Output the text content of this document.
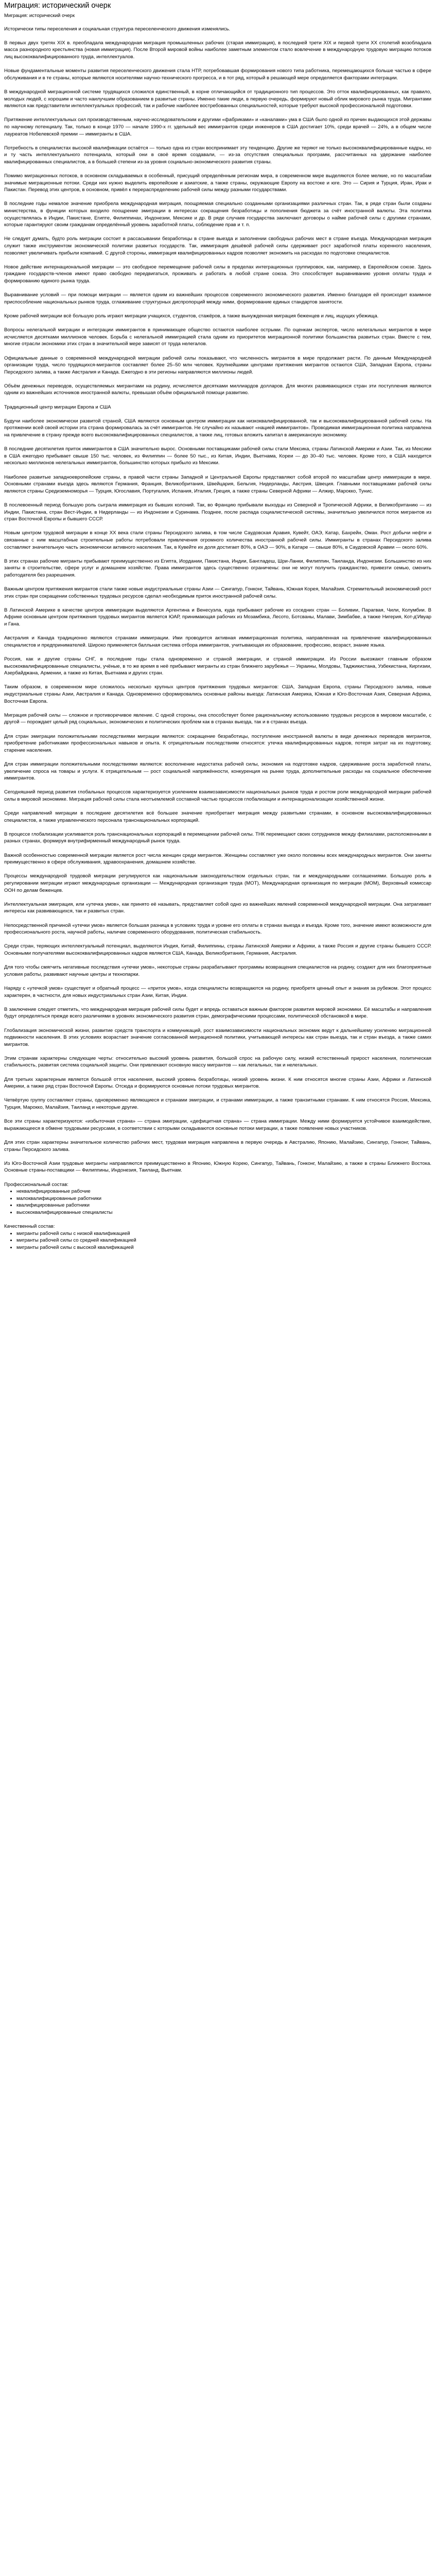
Миграция: исторический очерк
Миграция: исторический очерк

Исторически типы переселения и социальная структура переселенческого движения изменялись.

В первых двух третях XIX в. преобладала международная миграция промышленных рабочих (старая иммиграция), в последней трети XIX и первой трети XX столетий возобладала масса разнородного крестьянства (новая иммиграция). После Второй мировой войны наиболее заметным элементом стало вовлечение в международную трудовую миграцию потоков лиц высококвалифицированного труда, интеллектуалов.

Новые фундаментальные моменты развития переселенческого движения стала НТР, потребовавшая формирования нового типа работника, перемещающихся больше частью в сфере обслуживания и в те страны, которые являются носителями научно-технического прогресса, и в тот ряд, который в решающей мере определяется факторами интеграции.

В международной миграционной системе трудящихся сложился единственный, в корне отличающийся от традиционного тип процессов. Это отток квалифицированных, как правило, молодых людей, с хорошим и часто наилучшим образованием в развитые страны. Именно такие люди, в первую очередь, формируют новый облик мирового рынка труда. Мигрантами являются как представители интеллектуальных профессий, так и рабочие наиболее востребованных специальностей, которые требуют высокой профессиональной подготовки.

Притяжение интеллектуальных сил производственным, научно-исследовательским и другими «фабриками» и «каналами» ума в США было одной из причин выдающихся этой державы по научному потенциалу. Так, только в конце 1970 — начале 1990-х гг. удельный вес иммигрантов среди инженеров в США достигает 10%, среди врачей — 24%, а в общем числе лауреатов Нобелевской премии — иммигранты в США.

Потребность в специалистах высокой квалификации остаётся — только одна из стран воспринимает эту тенденцию. Другие же теряют не только высококвалифицированные кадры, но и ту часть интеллектуального потенциала, который они в своё время создавали, — из-за отсутствия специальных программ, рассчитанных на удержание наиболее квалифицированных специалистов, а в большей степени из-за уровня социально-экономического развития страны.

Помимо миграционных потоков, в основном складываемых в особенный, присущий определённым регионам мира, в современном мире выделяются более мелкие, но по масштабам значимые миграционные потоки. Среди них нужно выделить европейские и азиатские, а также страны, окружающие Европу на востоке и юге. Это — Сирия и Турция, Иран, Ирак и Пакистан. Перевод этих центров, в основном, привёл к перераспределению рабочей силы между разными государствами.

В последние годы немалое значение приобрела международная миграция, поощряемая специально созданными организациями различных стран. Так, в ряде стран были созданы министерства, в функции которых входило поощрение эмиграции в интересах сокращения безработицы и пополнения бюджета за счёт иностранной валюты. Эта политика осуществлялась в Индии, Пакистане, Египте, Филиппинах, Индонезии, Мексике и др. В ряде случаев государства заключают договоры о найме рабочей силы с другими странами, которые гарантируют своим гражданам определённый уровень заработной платы, соблюдение прав и т. п.

Не следует думать, будто роль миграции состоит в рассасывании безработицы в стране выезда и заполнении свободных рабочих мест в стране въезда. Международная миграция служит также инструментом экономической политики развитых государств. Так, иммиграция дешёвой рабочей силы сдерживает рост заработной платы коренного населения, позволяет увеличивать прибыли компаний. С другой стороны, иммиграция квалифицированных кадров позволяет экономить на расходах по подготовке специалистов.

Новое действие интернациональной миграции — это свободное перемещение рабочей силы в пределах интеграционных группировок, как, например, в Европейском союзе. Здесь граждане государств-членов имеют право свободно передвигаться, проживать и работать в любой стране союза. Это способствует выравниванию уровня оплаты труда и формированию единого рынка труда.

Выравнивание условий — при помощи миграции — является одним из важнейших процессов современного экономического развития. Именно благодаря ей происходит взаимное приспособление национальных рынков труда, сглаживание структурных диспропорций между ними, формирование единых стандартов занятости.

Кроме рабочей миграции всё большую роль играют миграции учащихся, студентов, стажёров, а также вынужденная миграция беженцев и лиц, ищущих убежища.

Вопросы нелегальной миграции и интеграции иммигрантов в принимающее общество остаются наиболее острыми. По оценкам экспертов, число нелегальных мигрантов в мире исчисляется десятками миллионов человек. Борьба с нелегальной иммиграцией стала одним из приоритетов миграционной политики большинства развитых стран. Вместе с тем, многие отрасли экономики этих стран в значительной мере зависят от труда нелегалов.

Официальные данные о современной международной миграции рабочей силы показывают, что численность мигрантов в мире продолжает расти. По данным Международной организации труда, число трудящихся-мигрантов составляет более 25–50 млн человек. Крупнейшими центрами притяжения мигрантов остаются США, Западная Европа, страны Персидского залива, а также Австралия и Канада. Ежегодно в эти регионы направляются миллионы людей.

Объём денежных переводов, осуществляемых мигрантами на родину, исчисляется десятками миллиардов долларов. Для многих развивающихся стран эти поступления являются одним из важнейших источников иностранной валюты, превышая объём официальной помощи развитию.

Традиционный центр миграции Европа и США

Будучи наиболее экономически развитой страной, США являются основным центром иммиграции как низкоквалифицированной, так и высококвалифицированной рабочей силы. На протяжении всей своей истории эта страна формировалась за счёт иммигрантов. Не случайно их называют «нацией иммигрантов». Проводимая иммиграционная политика направлена на привлечение в страну прежде всего высококвалифицированных специалистов, а также лиц, готовых вложить капитал в американскую экономику.

В последние десятилетия приток иммигрантов в США значительно вырос. Основными поставщиками рабочей силы стали Мексика, страны Латинской Америки и Азии. Так, из Мексики в США ежегодно прибывает свыше 150 тыс. человек, из Филиппин — более 50 тыс., из Китая, Индии, Вьетнама, Кореи — до 30–40 тыс. человек. Кроме того, в США находится несколько миллионов нелегальных иммигрантов, большинство которых прибыло из Мексики.

Наиболее развитые западноевропейские страны, в правой части страны Западной и Центральной Европы представляют собой второй по масштабам центр иммиграции в мире. Основными странами въезда здесь являются Германия, Франция, Великобритания, Швейцария, Бельгия, Нидерланды, Австрия, Швеция. Главными поставщиками рабочей силы являются страны Средиземноморья — Турция, Югославия, Португалия, Испания, Италия, Греция, а также страны Северной Африки — Алжир, Марокко, Тунис.

В послевоенный период большую роль сыграла иммиграция из бывших колоний. Так, во Францию прибывали выходцы из Северной и Тропической Африки, в Великобританию — из Индии, Пакистана, стран Вест-Индии, в Нидерланды — из Индонезии и Суринама. Позднее, после распада социалистической системы, значительно увеличился поток мигрантов из стран Восточной Европы и бывшего СССР.

Новым центром трудовой миграции в конце XX века стали страны Персидского залива, в том числе Саудовская Аравия, Кувейт, ОАЭ, Катар, Бахрейн, Оман. Рост добычи нефти и связанные с ним масштабные строительные работы потребовали привлечения огромного количества иностранной рабочей силы. Иммигранты в странах Персидского залива составляют значительную часть экономически активного населения. Так, в Кувейте их доля достигает 80%, в ОАЭ — 90%, в Катаре — свыше 80%, в Саудовской Аравии — около 60%.

В этих странах рабочие мигранты прибывают преимущественно из Египта, Иордании, Пакистана, Индии, Бангладеш, Шри-Ланки, Филиппин, Таиланда, Индонезии. Большинство из них заняты в строительстве, сфере услуг и домашнем хозяйстве. Права иммигрантов здесь существенно ограничены: они не могут получить гражданство, привезти семью, сменить работодателя без разрешения.

Важным центром притяжения мигрантов стали также новые индустриальные страны Азии — Сингапур, Гонконг, Тайвань, Южная Корея, Малайзия. Стремительный экономический рост этих стран при сокращении собственных трудовых ресурсов сделал необходимым приток иностранной рабочей силы.

В Латинской Америке в качестве центров иммиграции выделяются Аргентина и Венесуэла, куда прибывают рабочие из соседних стран — Боливии, Парагвая, Чили, Колумбии. В Африке основным центром притяжения трудовых мигрантов является ЮАР, принимающая рабочих из Мозамбика, Лесото, Ботсваны, Малави, Зимбабве, а также Нигерия, Кот-д'Ивуар и Гана.

Австралия и Канада традиционно являются странами иммиграции. Ими проводится активная иммиграционная политика, направленная на привлечение квалифицированных специалистов и предпринимателей. Широко применяется балльная система отбора иммигрантов, учитывающая их образование, профессию, возраст, знание языка.

Россия, как и другие страны СНГ, в последние годы стала одновременно и страной эмиграции, и страной иммиграции. Из России выезжают главным образом высококвалифицированные специалисты, учёные, в то же время в неё прибывают мигранты из стран ближнего зарубежья — Украины, Молдовы, Таджикистана, Узбекистана, Киргизии, Азербайджана, Армении, а также из Китая, Вьетнама и других стран.

Таким образом, в современном мире сложилось несколько крупных центров притяжения трудовых мигрантов: США, Западная Европа, страны Персидского залива, новые индустриальные страны Азии, Австралия и Канада. Одновременно сформировались основные районы выезда: Латинская Америка, Южная и Юго-Восточная Азия, Северная Африка, Восточная Европа.

Миграция рабочей силы — сложное и противоречивое явление. С одной стороны, она способствует более рациональному использованию трудовых ресурсов в мировом масштабе, с другой — порождает целый ряд социальных, экономических и политических проблем как в странах выезда, так и в странах въезда.

Для стран эмиграции положительными последствиями миграции являются: сокращение безработицы, поступление иностранной валюты в виде денежных переводов мигрантов, приобретение работниками профессиональных навыков и опыта. К отрицательным последствиям относятся: утечка квалифицированных кадров, потеря затрат на их подготовку, старение населения.

Для стран иммиграции положительными последствиями являются: восполнение недостатка рабочей силы, экономия на подготовке кадров, сдерживание роста заработной платы, увеличение спроса на товары и услуги. К отрицательным — рост социальной напряжённости, конкуренция на рынке труда, дополнительные расходы на социальное обеспечение иммигрантов.

Сегодняшний период развития глобальных процессов характеризуется усилением взаимозависимости национальных рынков труда и ростом роли международной миграции рабочей силы в мировой экономике. Миграция рабочей силы стала неотъемлемой составной частью процессов глобализации и интернационализации хозяйственной жизни.

Среди направлений миграции в последние десятилетия всё большее значение приобретает миграция между развитыми странами, в основном высококвалифицированных специалистов, а также управленческого персонала транснациональных корпораций.

В процессе глобализации усиливается роль транснациональных корпораций в перемещении рабочей силы. ТНК перемещают своих сотрудников между филиалами, расположенными в разных странах, формируя внутрифирменный международный рынок труда.

Важной особенностью современной миграции является рост числа женщин среди мигрантов. Женщины составляют уже около половины всех международных мигрантов. Они заняты преимущественно в сфере обслуживания, здравоохранения, домашнем хозяйстве.

Процессы международной трудовой миграции регулируются как национальным законодательством отдельных стран, так и международными соглашениями. Большую роль в регулировании миграции играют международные организации — Международная организация труда (МОТ), Международная организация по миграции (МОМ), Верховный комиссар ООН по делам беженцев.

Интеллектуальная эмиграция, или «утечка умов», как принято её называть, представляет собой одно из важнейших явлений современной международной миграции. Она затрагивает интересы как развивающихся, так и развитых стран.

Непосредственной причиной «утечки умов» является большая разница в условиях труда и уровне его оплаты в странах выезда и въезда. Кроме того, значение имеют возможности для профессионального роста, научной работы, наличие современного оборудования, политическая стабильность.

Среди стран, теряющих интеллектуальный потенциал, выделяются Индия, Китай, Филиппины, страны Латинской Америки и Африки, а также Россия и другие страны бывшего СССР. Основными получателями высококвалифицированных кадров являются США, Канада, Великобритания, Германия, Австралия.

Для того чтобы смягчить негативные последствия «утечки умов», некоторые страны разрабатывают программы возвращения специалистов на родину, создают для них благоприятные условия работы, развивают научные центры и технопарки.

Наряду с «утечкой умов» существует и обратный процесс — «приток умов», когда специалисты возвращаются на родину, приобретя ценный опыт и знания за рубежом. Этот процесс характерен, в частности, для новых индустриальных стран Азии, Китая, Индии.

В заключение следует отметить, что международная миграция рабочей силы будет и впредь оставаться важным фактором развития мировой экономики. Её масштабы и направления будут определяться прежде всего различиями в уровнях экономического развития стран, демографическими процессами, политической обстановкой в мире.

Глобализация экономической жизни, развитие средств транспорта и коммуникаций, рост взаимозависимости национальных экономик ведут к дальнейшему усилению миграционной подвижности населения. В этих условиях возрастает значение согласованной миграционной политики, учитывающей интересы как стран выезда, так и стран въезда, а также самих мигрантов.

Этим странам характерны следующие черты: относительно высокий уровень развития, большой спрос на рабочую силу, низкий естественный прирост населения, политическая стабильность, развитая система социальной защиты. Они привлекают основную массу мигрантов — как легальных, так и нелегальных.

Для третьих характерным является большой отток населения, высокий уровень безработицы, низкий уровень жизни. К ним относятся многие страны Азии, Африки и Латинской Америки, а также ряд стран Восточной Европы. Отсюда и формируются основные потоки трудовых мигрантов.

Четвёртую группу составляют страны, одновременно являющиеся и странами эмиграции, и странами иммиграции, а также транзитными странами. К ним относятся Россия, Мексика, Турция, Марокко, Малайзия, Таиланд и некоторые другие.

Все эти страны характеризуются: «избыточная страна» — страна эмиграции, «дефицитная страна» — страна иммиграции. Между ними формируется устойчивое взаимодействие, выражающееся в обмене трудовыми ресурсами, в соответствии с которыми складываются основные потоки миграции, а также появление новых участников.

Для этих стран характерны значительное количество рабочих мест, трудовая миграция направлена в первую очередь в Австралию, Японию, Малайзию, Сингапур, Гонконг, Тайвань, страны Персидского залива.

Из Юго-Восточной Азии трудовые мигранты направляются преимущественно в Японию, Южную Корею, Сингапур, Тайвань, Гонконг, Малайзию, а также в страны Ближнего Востока. Основные страны-поставщики — Филиппины, Индонезия, Таиланд, Вьетнам.

Профессиональный состав:

• неквалифицированные рабочие
• малоквалифицированные работники
• квалифицированные работники
• высококвалифицированные специалисты

Качественный состав:

• мигранты рабочей силы с низкой квалификацией
• мигранты рабочей силы со средней квалификацией
• мигранты рабочей силы с высокой квалификацией
